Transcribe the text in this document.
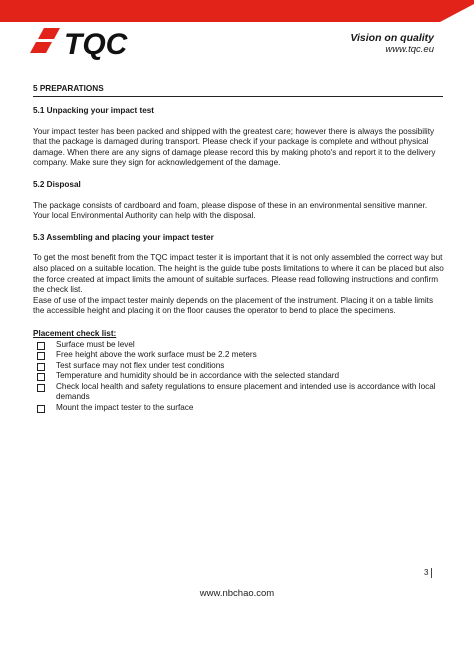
TQC	Vision on quality
www.tqc.eu
5 PREPARATIONS
5.1 Unpacking your impact test

Your impact tester has been packed and shipped with the greatest care; however there is always the possibility that the package is damaged during transport. Please check if your package is complete and without physical damage. When there are any signs of damage please record this by making photo's and report it to the delivery company. Make sure they sign for acknowledgement of the damage.

5.2 Disposal

The package consists of cardboard and foam, please dispose of these in an environmental sensitive manner. Your local Environmental Authority can help with the disposal.

5.3 Assembling and placing your impact tester
To get the most benefit from the TQC impact tester it is important that it is not only assembled the correct way but also placed on a suitable location. The height is the guide tube posts limitations to where it can be placed but also the force created at impact limits the amount of suitable surfaces. Please read following instructions and confirm the check list.
Ease of use of the impact tester mainly depends on the placement of the instrument. Placing it on a table limits the accessible height and placing it on the floor causes the operator to bend to place the specimens.
Placement check list:
Surface must be level
Free height above the work surface must be 2.2 meters
Test surface may not flex under test conditions
Temperature and humidity should be in accordance with the selected standard
Check local health and safety regulations to ensure placement and intended use is accordance with local demands
Mount the impact tester to the surface
3
www.nbchao.com
